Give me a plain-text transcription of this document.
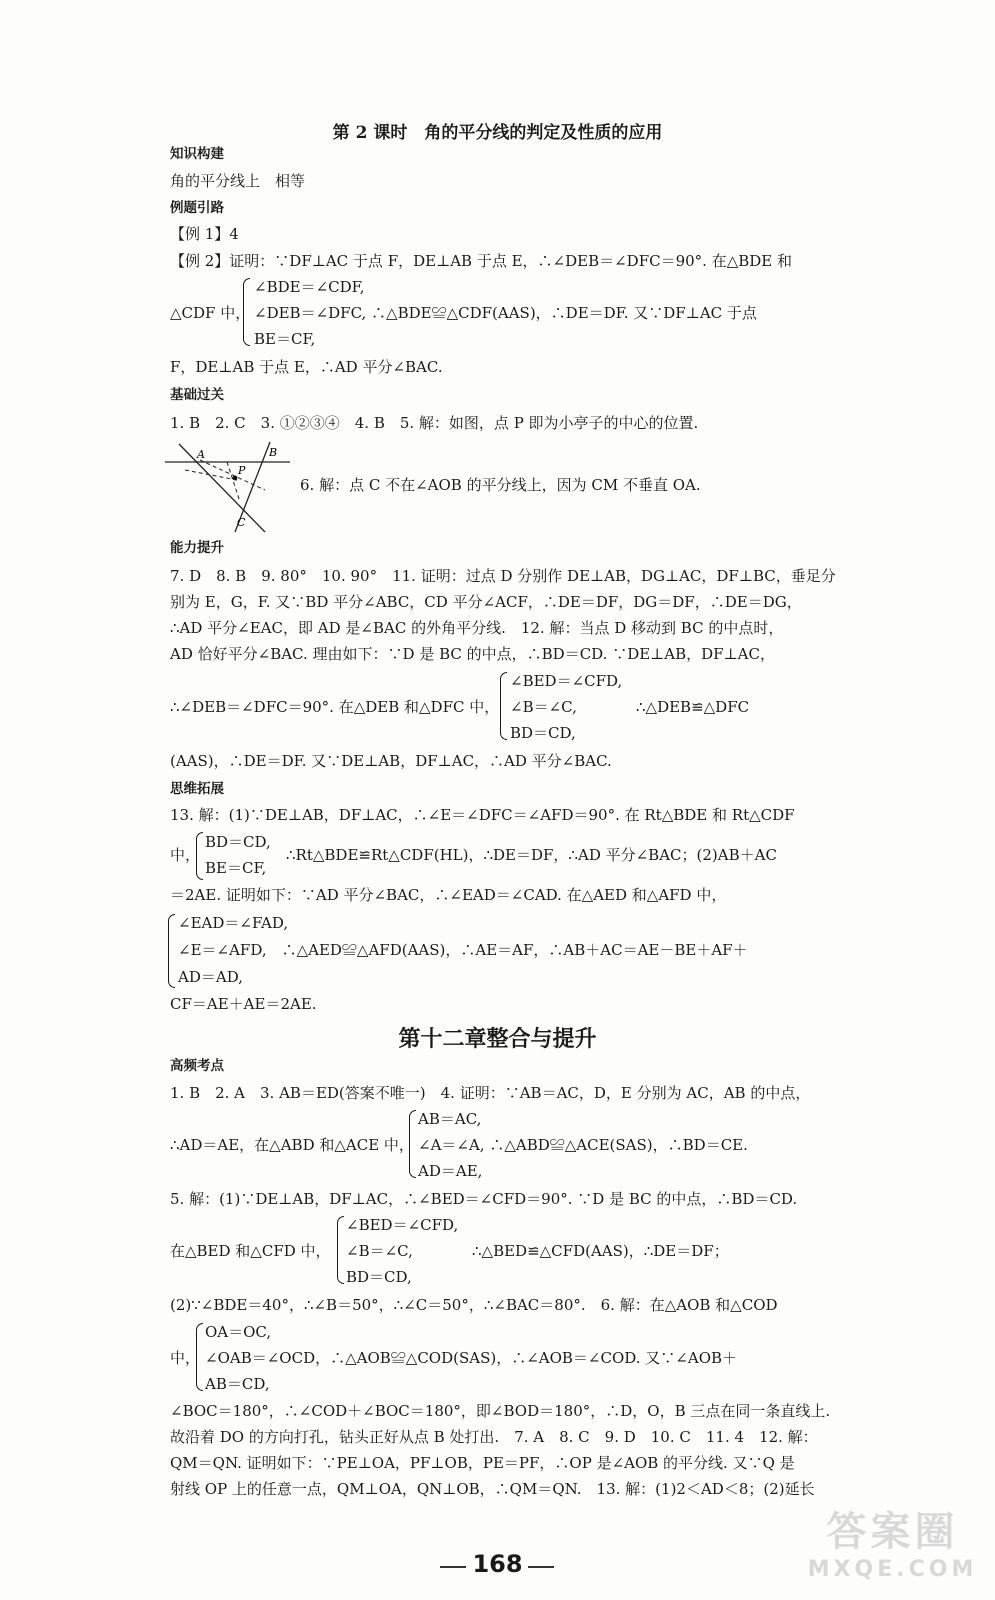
第 2 课时　角的平分线的判定及性质的应用
知识构建
角的平分线上　相等
例题引路
【例 1】4
【例 2】证明：∵DF⊥AC 于点 F，DE⊥AB 于点 E，∴∠DEB＝∠DFC＝90°. 在△BDE 和
△CDF 中，
∠BDE＝∠CDF,
∠DEB＝∠DFC, ∴△BDE≌△CDF(AAS)，∴DE＝DF. 又∵DF⊥AC 于点
BE＝CF,
F，DE⊥AB 于点 E，∴AD 平分∠BAC.
基础过关
1. B　2. C　3. ①②③④　4. B　5. 解：如图，点 P 即为小亭子的中心的位置.
A	B
P
C
6. 解：点 C 不在∠AOB 的平分线上，因为 CM 不垂直 OA.
能力提升
7. D　8. B　9. 80°　10. 90°　11. 证明：过点 D 分别作 DE⊥AB，DG⊥AC，DF⊥BC，垂足分
别为 E，G，F. 又∵BD 平分∠ABC，CD 平分∠ACF，∴DE＝DF，DG＝DF，∴DE＝DG，
∴AD 平分∠EAC，即 AD 是∠BAC 的外角平分线.　12. 解：当点 D 移动到 BC 的中点时，
AD 恰好平分∠BAC. 理由如下：∵D 是 BC 的中点，∴BD＝CD. ∵DE⊥AB，DF⊥AC，
∴∠DEB＝∠DFC＝90°. 在△DEB 和△DFC 中，
∠BED＝∠CFD,
∠B＝∠C,
BD＝CD,
∴△DEB≌△DFC
(AAS)，∴DE＝DF. 又∵DE⊥AB，DF⊥AC，∴AD 平分∠BAC.
思维拓展
13. 解：(1)∵DE⊥AB，DF⊥AC，∴∠E＝∠DFC＝∠AFD＝90°. 在 Rt△BDE 和 Rt△CDF
中，
BD＝CD,
BE＝CF,
∴Rt△BDE≌Rt△CDF(HL)，∴DE＝DF，∴AD 平分∠BAC；(2)AB＋AC
＝2AE. 证明如下：∵AD 平分∠BAC，∴∠EAD＝∠CAD. 在△AED 和△AFD 中，
∠EAD＝∠FAD,
∠E＝∠AFD,　∴△AED≌△AFD(AAS)，∴AE＝AF，∴AB＋AC＝AE－BE＋AF＋
AD＝AD,
CF＝AE＋AE＝2AE.
第十二章整合与提升
高频考点
1. B　2. A　3. AB＝ED(答案不唯一)　4. 证明：∵AB＝AC，D，E 分别为 AC，AB 的中点，
∴AD＝AE，在△ABD 和△ACE 中，
AB＝AC,
∠A＝∠A, ∴△ABD≌△ACE(SAS)，∴BD＝CE.
AD＝AE,
5. 解：(1)∵DE⊥AB，DF⊥AC，∴∠BED＝∠CFD＝90°. ∵D 是 BC 的中点，∴BD＝CD.
在△BED 和△CFD 中，
∠BED＝∠CFD,
∠B＝∠C,
BD＝CD,
∴△BED≌△CFD(AAS)，∴DE＝DF；
(2)∵∠BDE＝40°，∴∠B＝50°，∴∠C＝50°，∴∠BAC＝80°.　6. 解：在△AOB 和△COD
中，
OA＝OC,
∠OAB＝∠OCD，∴△AOB≌△COD(SAS)，∴∠AOB＝∠COD. 又∵∠AOB＋
AB＝CD,
∠BOC＝180°，∴∠COD＋∠BOC＝180°，即∠BOD＝180°，∴D，O，B 三点在同一条直线上.
故沿着 DO 的方向打孔，钻头正好从点 B 处打出.　7. A　8. C　9. D　10. C　11. 4　12. 解：
QM＝QN. 证明如下：∵PE⊥OA，PF⊥OB，PE＝PF，∴OP 是∠AOB 的平分线. 又∵Q 是
射线 OP 上的任意一点，QM⊥OA，QN⊥OB，∴QM＝QN.　13. 解：(1)2＜AD＜8；(2)延长
168
答案圈
MXQE.COM
